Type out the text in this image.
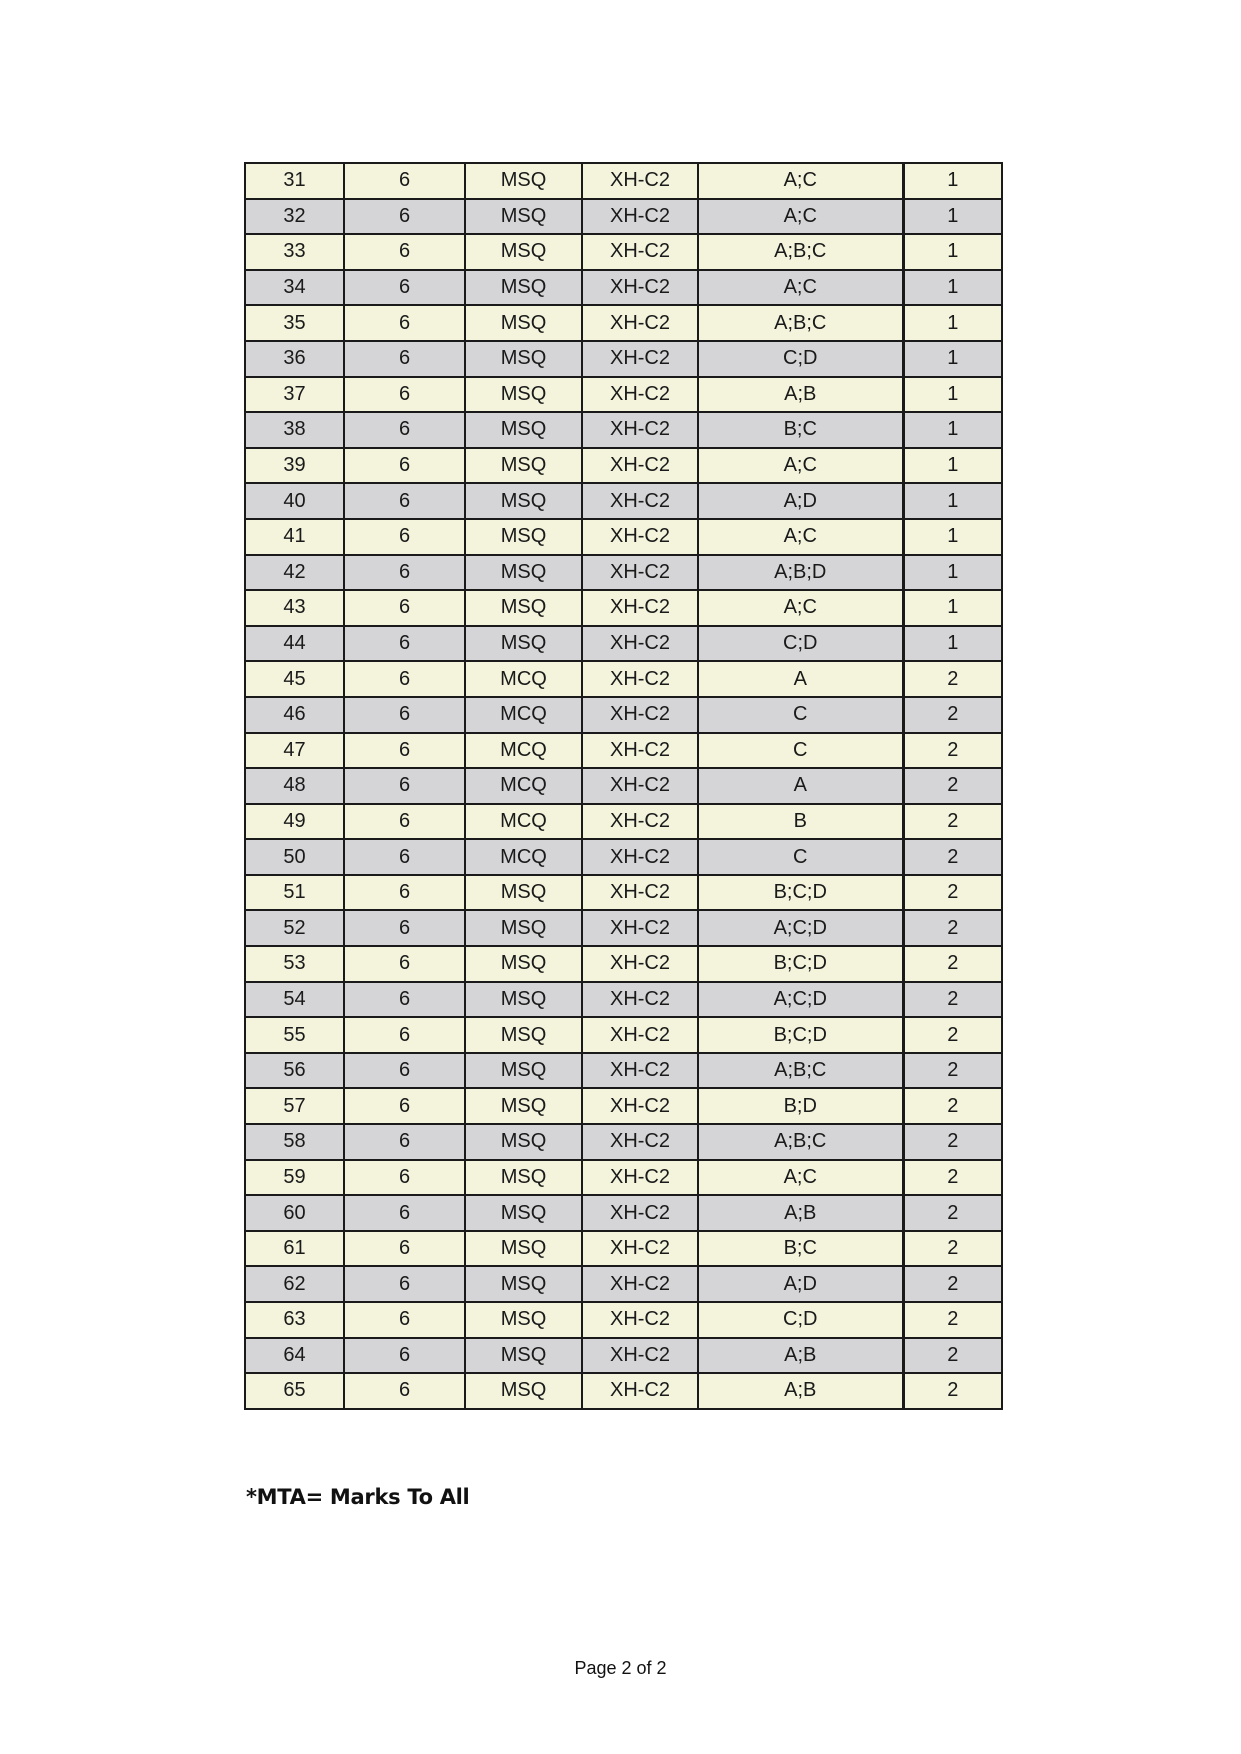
31	6	MSQ	XH-C2	A;C	1
32	6	MSQ	XH-C2	A;C	1
33	6	MSQ	XH-C2	A;B;C	1
34	6	MSQ	XH-C2	A;C	1
35	6	MSQ	XH-C2	A;B;C	1
36	6	MSQ	XH-C2	C;D	1
37	6	MSQ	XH-C2	A;B	1
38	6	MSQ	XH-C2	B;C	1
39	6	MSQ	XH-C2	A;C	1
40	6	MSQ	XH-C2	A;D	1
41	6	MSQ	XH-C2	A;C	1
42	6	MSQ	XH-C2	A;B;D	1
43	6	MSQ	XH-C2	A;C	1
44	6	MSQ	XH-C2	C;D	1
45	6	MCQ	XH-C2	A	2
46	6	MCQ	XH-C2	C	2
47	6	MCQ	XH-C2	C	2
48	6	MCQ	XH-C2	A	2
49	6	MCQ	XH-C2	B	2
50	6	MCQ	XH-C2	C	2
51	6	MSQ	XH-C2	B;C;D	2
52	6	MSQ	XH-C2	A;C;D	2
53	6	MSQ	XH-C2	B;C;D	2
54	6	MSQ	XH-C2	A;C;D	2
55	6	MSQ	XH-C2	B;C;D	2
56	6	MSQ	XH-C2	A;B;C	2
57	6	MSQ	XH-C2	B;D	2
58	6	MSQ	XH-C2	A;B;C	2
59	6	MSQ	XH-C2	A;C	2
60	6	MSQ	XH-C2	A;B	2
61	6	MSQ	XH-C2	B;C	2
62	6	MSQ	XH-C2	A;D	2
63	6	MSQ	XH-C2	C;D	2
64	6	MSQ	XH-C2	A;B	2
65	6	MSQ	XH-C2	A;B	2
*MTA= Marks To All
Page 2 of 2
